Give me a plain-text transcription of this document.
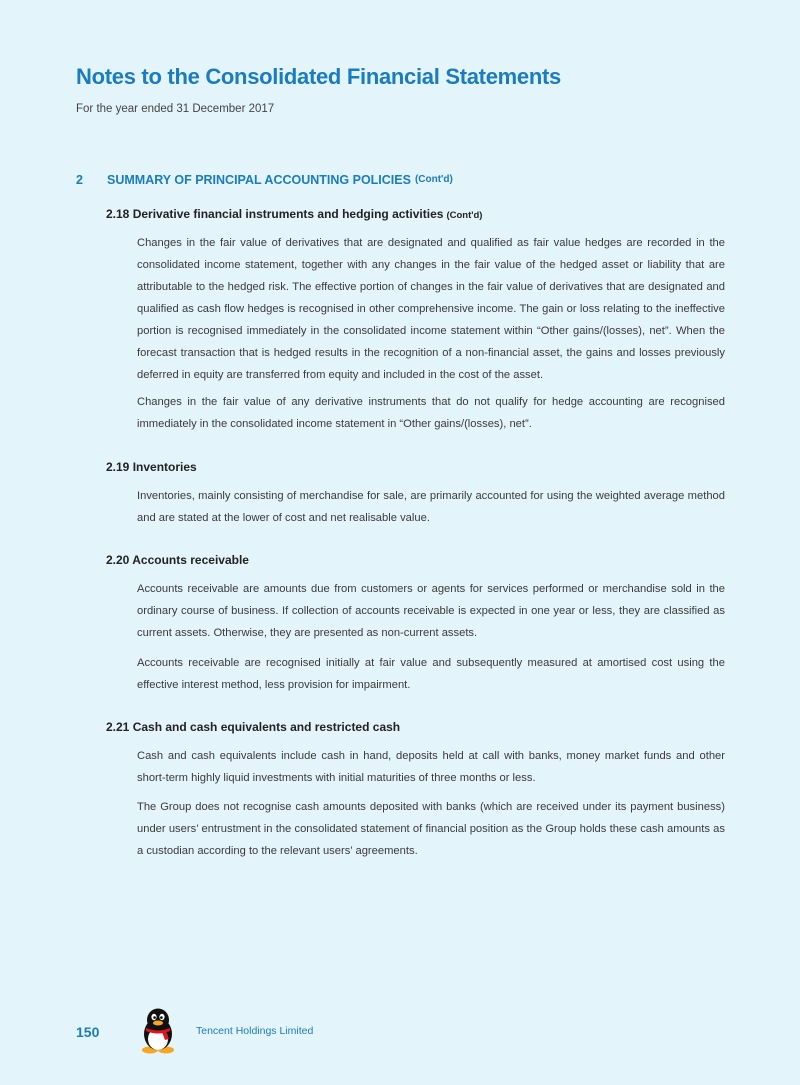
Notes to the Consolidated Financial Statements
For the year ended 31 December 2017
2	SUMMARY OF PRINCIPAL ACCOUNTING POLICIES (Cont'd)
2.18 Derivative financial instruments and hedging activities (Cont'd)

Changes in the fair value of derivatives that are designated and qualified as fair value hedges are recorded in the consolidated income statement, together with any changes in the fair value of the hedged asset or liability that are attributable to the hedged risk. The effective portion of changes in the fair value of derivatives that are designated and qualified as cash flow hedges is recognised in other comprehensive income. The gain or loss relating to the ineffective portion is recognised immediately in the consolidated income statement within “Other gains/(losses), net”. When the forecast transaction that is hedged results in the recognition of a non-financial asset, the gains and losses previously deferred in equity are transferred from equity and included in the cost of the asset.

Changes in the fair value of any derivative instruments that do not qualify for hedge accounting are recognised immediately in the consolidated income statement in “Other gains/(losses), net”.

2.19 Inventories

Inventories, mainly consisting of merchandise for sale, are primarily accounted for using the weighted average method and are stated at the lower of cost and net realisable value.

2.20 Accounts receivable

Accounts receivable are amounts due from customers or agents for services performed or merchandise sold in the ordinary course of business. If collection of accounts receivable is expected in one year or less, they are classified as current assets. Otherwise, they are presented as non-current assets.

Accounts receivable are recognised initially at fair value and subsequently measured at amortised cost using the effective interest method, less provision for impairment.

2.21 Cash and cash equivalents and restricted cash

Cash and cash equivalents include cash in hand, deposits held at call with banks, money market funds and other short-term highly liquid investments with initial maturities of three months or less.

The Group does not recognise cash amounts deposited with banks (which are received under its payment business) under users’ entrustment in the consolidated statement of financial position as the Group holds these cash amounts as a custodian according to the relevant users’ agreements.

150	Tencent Holdings Limited
